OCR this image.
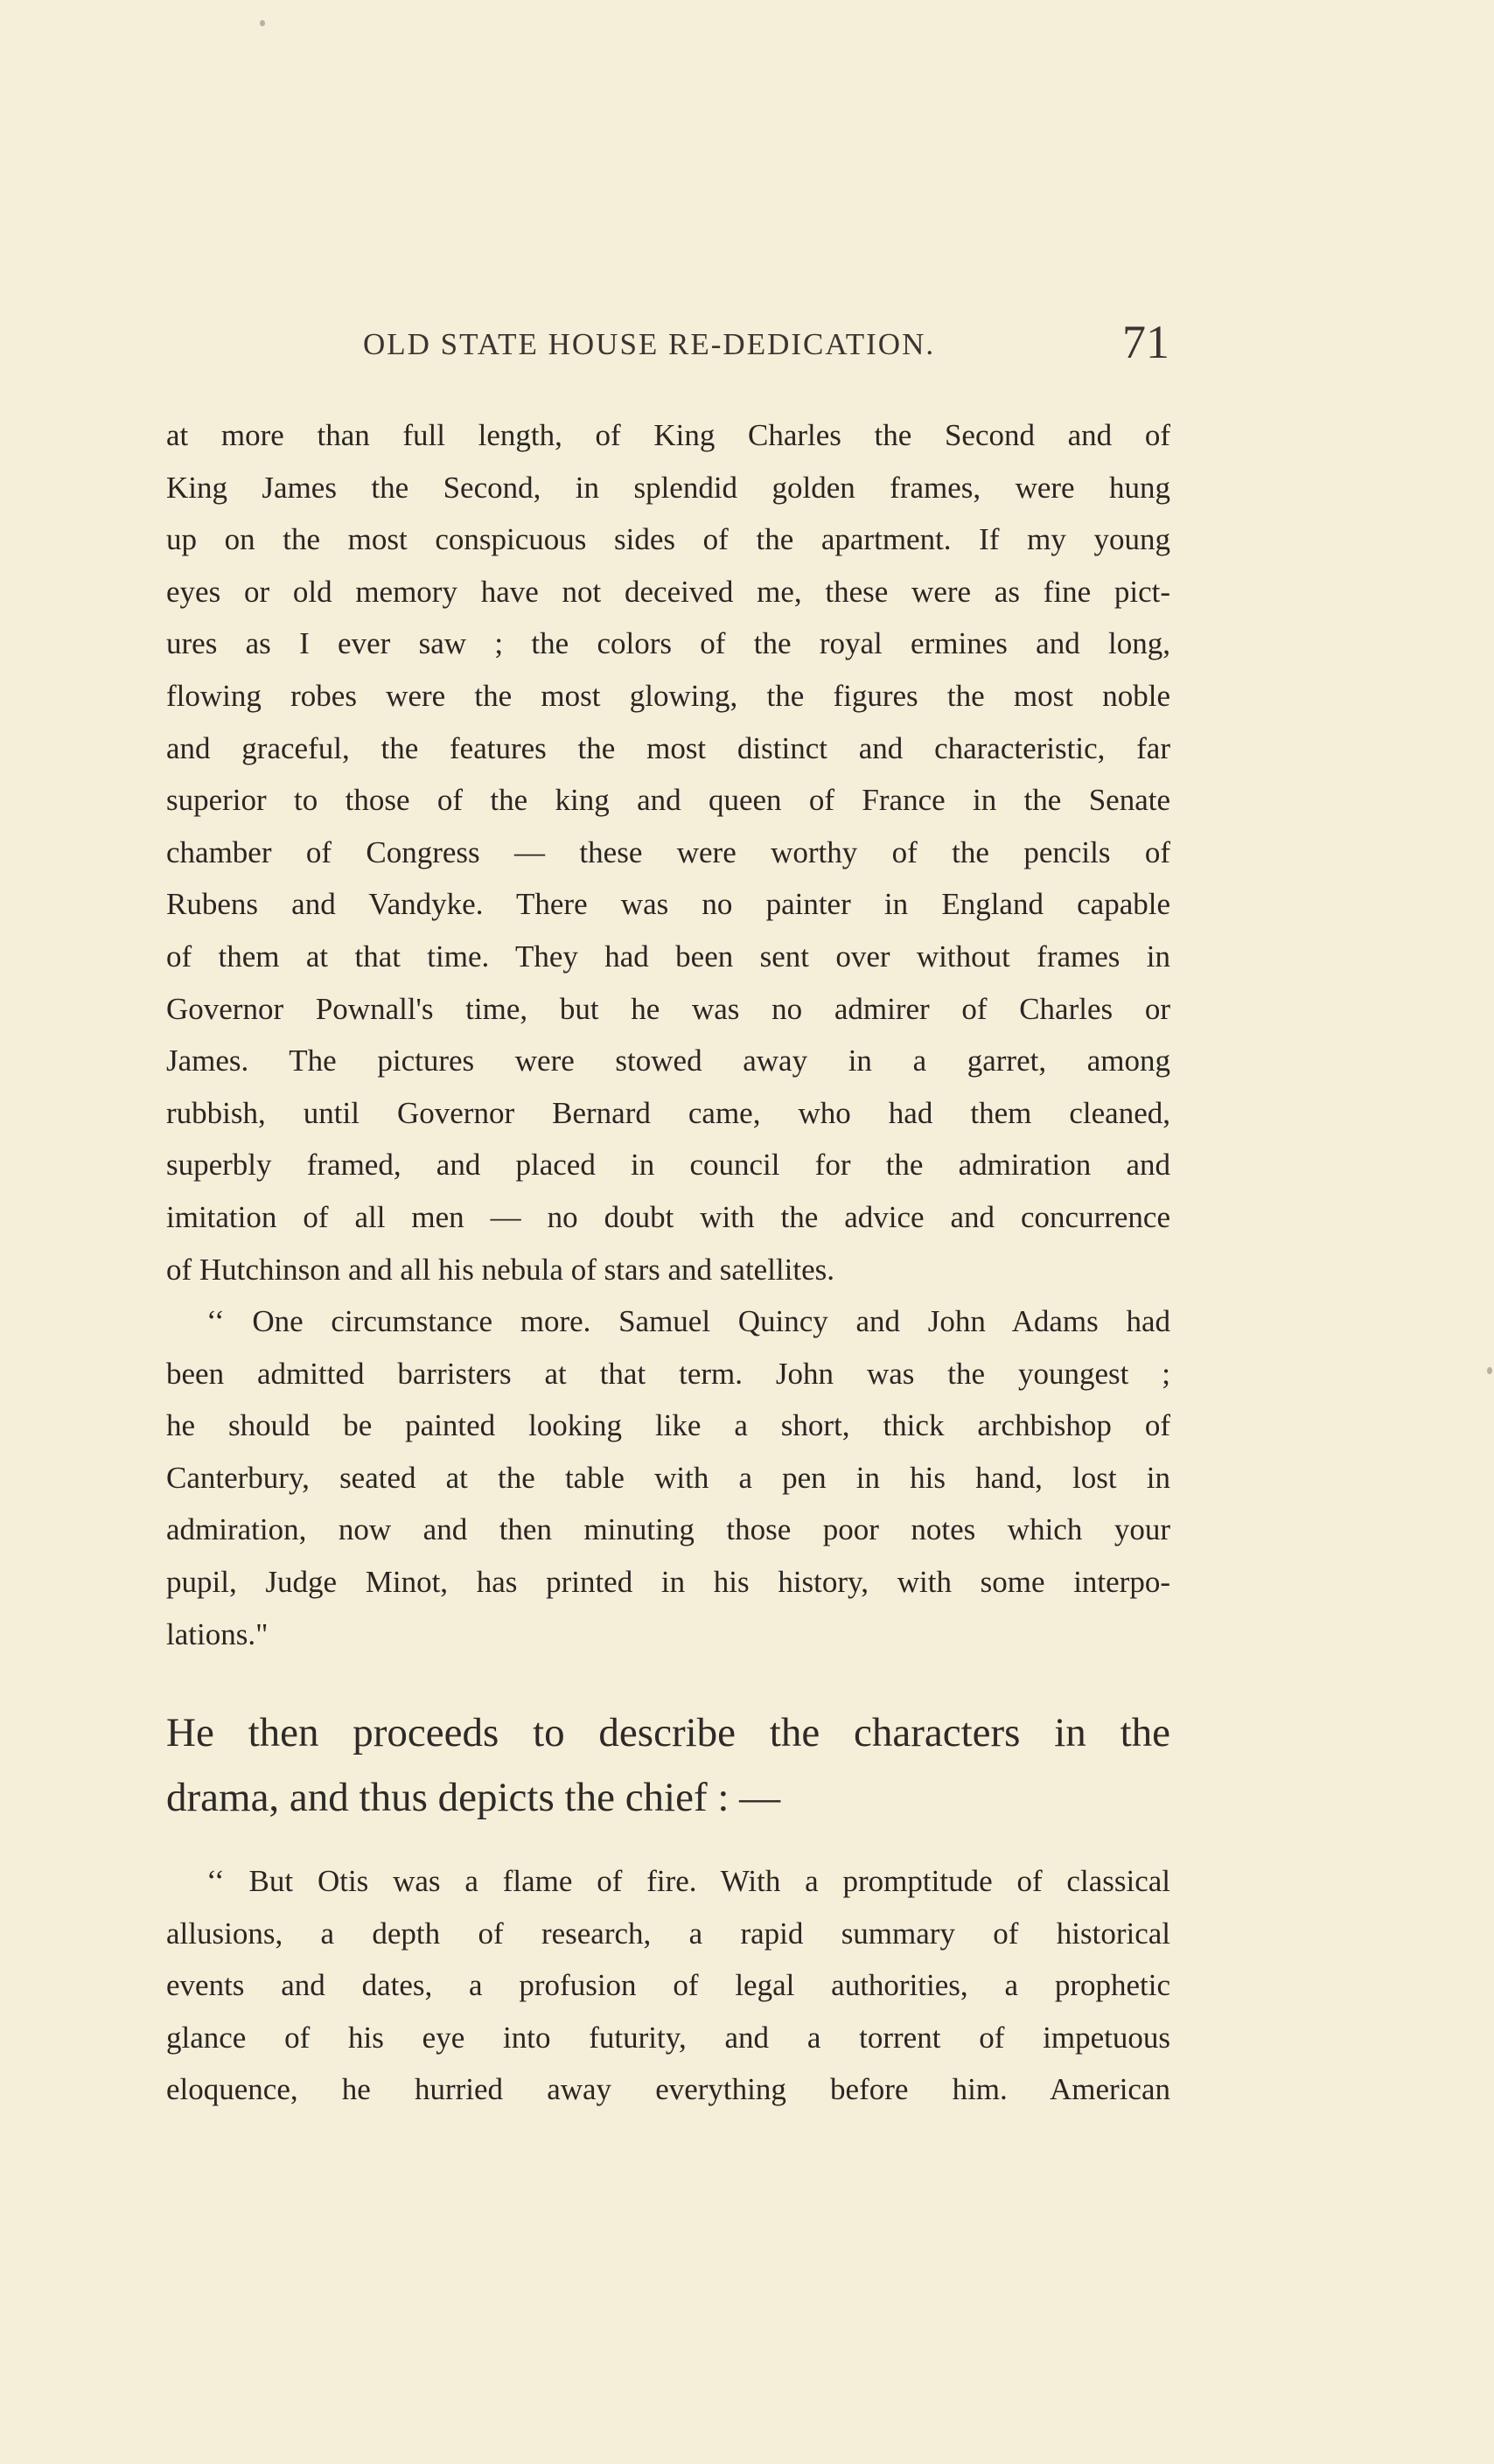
OLD STATE HOUSE RE-DEDICATION.	71
at more than full length, of King Charles the Second and of
King James the Second, in splendid golden frames, were hung
up on the most conspicuous sides of the apartment. If my young
eyes or old memory have not deceived me, these were as fine pict-
ures as I ever saw ; the colors of the royal ermines and long,
flowing robes were the most glowing, the figures the most noble
and graceful, the features the most distinct and characteristic, far
superior to those of the king and queen of France in the Senate
chamber of Congress — these were worthy of the pencils of
Rubens and Vandyke. There was no painter in England capable
of them at that time. They had been sent over without frames in
Governor Pownall's time, but he was no admirer of Charles or
James. The pictures were stowed away in a garret, among
rubbish, until Governor Bernard came, who had them cleaned,
superbly framed, and placed in council for the admiration and
imitation of all men — no doubt with the advice and concurrence
of Hutchinson and all his nebula of stars and satellites.
‘‘ One circumstance more. Samuel Quincy and John Adams had
been admitted barristers at that term. John was the youngest ;
he should be painted looking like a short, thick archbishop of
Canterbury, seated at the table with a pen in his hand, lost in
admiration, now and then minuting those poor notes which your
pupil, Judge Minot, has printed in his history, with some interpo-
lations."
He then proceeds to describe the characters in the
drama, and thus depicts the chief : —
‘‘ But Otis was a flame of fire. With a promptitude of classical
allusions, a depth of research, a rapid summary of historical
events and dates, a profusion of legal authorities, a prophetic
glance of his eye into futurity, and a torrent of impetuous
eloquence, he hurried away everything before him. American
